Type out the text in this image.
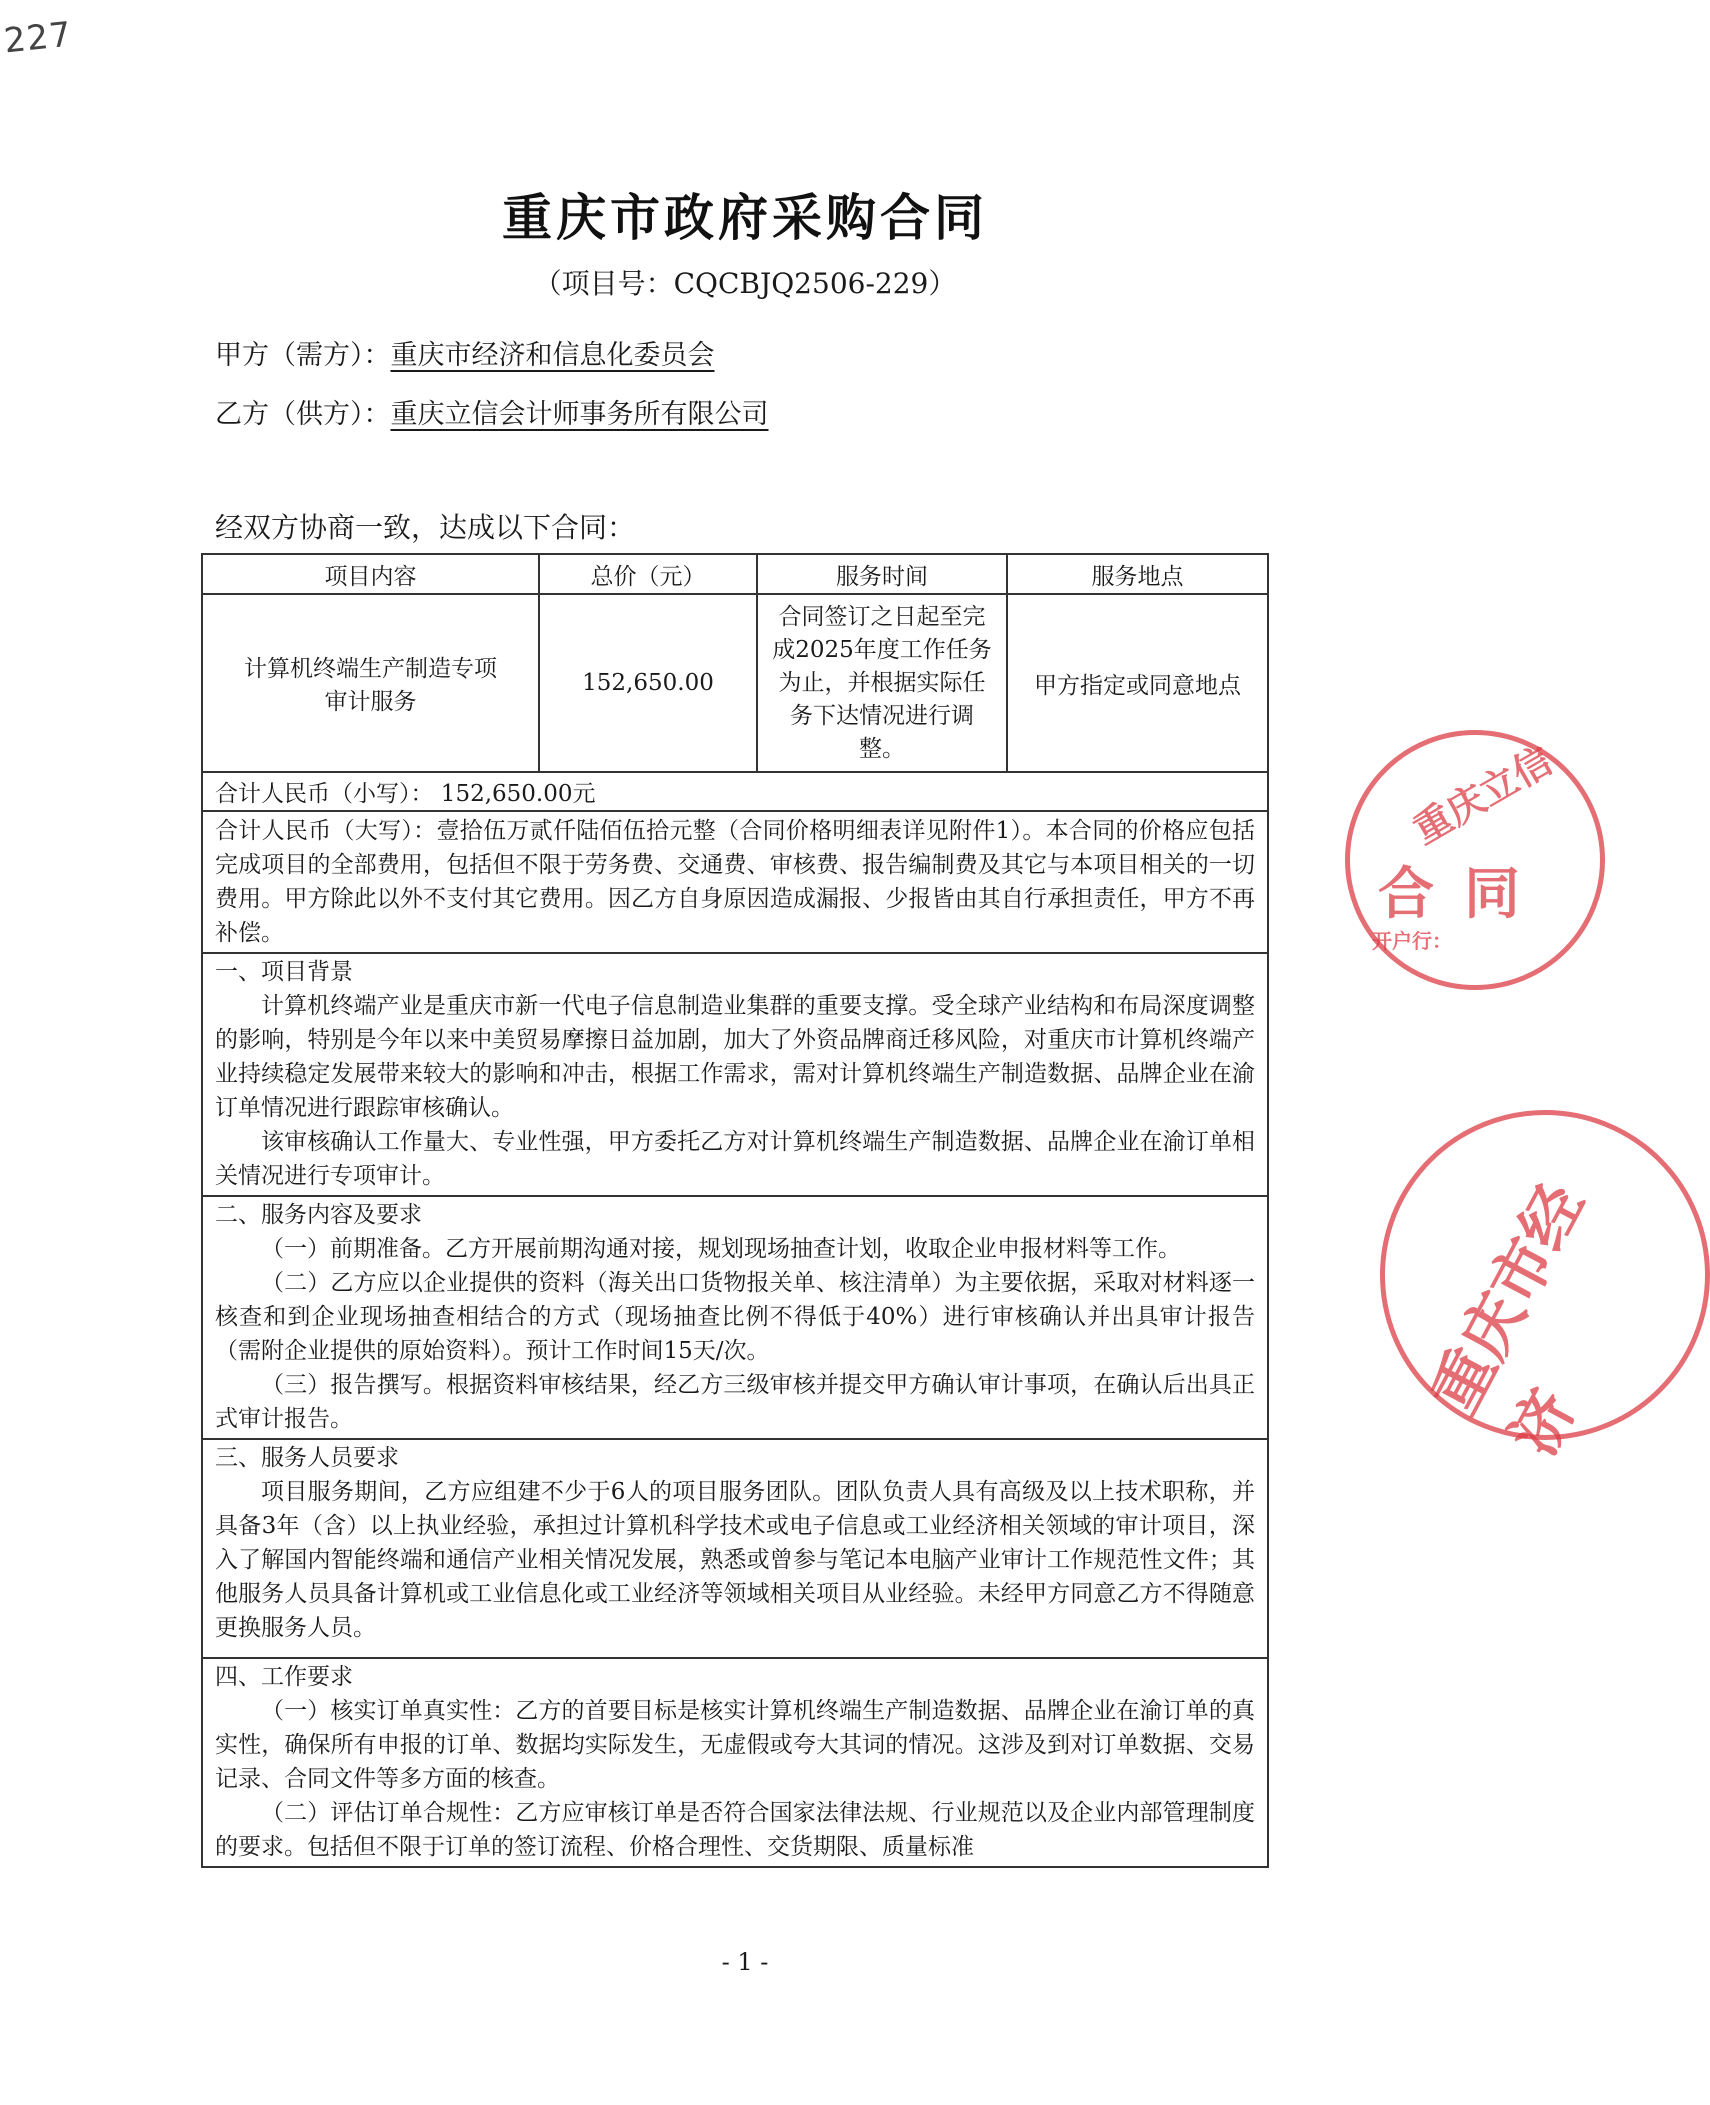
227
重庆市政府采购合同
（项目号：CQCBJQ2506-229）
甲方（需方）：重庆市经济和信息化委员会
乙方（供方）：重庆立信会计师事务所有限公司
经双方协商一致，达成以下合同：
项目内容	总价（元）	服务时间	服务地点
计算机终端生产制造专项审计服务	152,650.00	合同签订之日起至完成2025年度工作任务为止，并根据实际任务下达情况进行调整。	甲方指定或同意地点
合计人民币（小写）： 152,650.00元			
合计人民币（大写）：壹拾伍万贰仟陆佰伍拾元整（合同价格明细表详见附件1）。本合同的价格应包括完成项目的全部费用，包括但不限于劳务费、交通费、审核费、报告编制费及其它与本项目相关的一切费用。甲方除此以外不支付其它费用。因乙方自身原因造成漏报、少报皆由其自行承担责任，甲方不再补偿。			

一、项目背景
计算机终端产业是重庆市新一代电子信息制造业集群的重要支撑。受全球产业结构和布局深度调整的影响，特别是今年以来中美贸易摩擦日益加剧，加大了外资品牌商迁移风险，对重庆市计算机终端产业持续稳定发展带来较大的影响和冲击，根据工作需求，需对计算机终端生产制造数据、品牌企业在渝订单情况进行跟踪审核确认。
该审核确认工作量大、专业性强，甲方委托乙方对计算机终端生产制造数据、品牌企业在渝订单相关情况进行专项审计。			

二、服务内容及要求
（一）前期准备。乙方开展前期沟通对接，规划现场抽查计划，收取企业申报材料等工作。
（二）乙方应以企业提供的资料（海关出口货物报关单、核注清单）为主要依据，采取对材料逐一核查和到企业现场抽查相结合的方式（现场抽查比例不得低于40%）进行审核确认并出具审计报告（需附企业提供的原始资料）。预计工作时间15天/次。
（三）报告撰写。根据资料审核结果，经乙方三级审核并提交甲方确认审计事项，在确认后出具正式审计报告。			

三、服务人员要求
项目服务期间，乙方应组建不少于6人的项目服务团队。团队负责人具有高级及以上技术职称，并具备3年（含）以上执业经验，承担过计算机科学技术或电子信息或工业经济相关领域的审计项目，深入了解国内智能终端和通信产业相关情况发展，熟悉或曾参与笔记本电脑产业审计工作规范性文件；其他服务人员具备计算机或工业信息化或工业经济等领域相关项目从业经验。未经甲方同意乙方不得随意更换服务人员。			

四、工作要求
（一）核实订单真实性：乙方的首要目标是核实计算机终端生产制造数据、品牌企业在渝订单的真实性，确保所有申报的订单、数据均实际发生，无虚假或夸大其词的情况。这涉及到对订单数据、交易记录、合同文件等多方面的核查。
（二）评估订单合规性：乙方应审核订单是否符合国家法律法规、行业规范以及企业内部管理制度的要求。包括但不限于订单的签订流程、价格合理性、交货期限、质量标准			
重庆立信
合同
开户行：
重庆市经济
- 1 -
